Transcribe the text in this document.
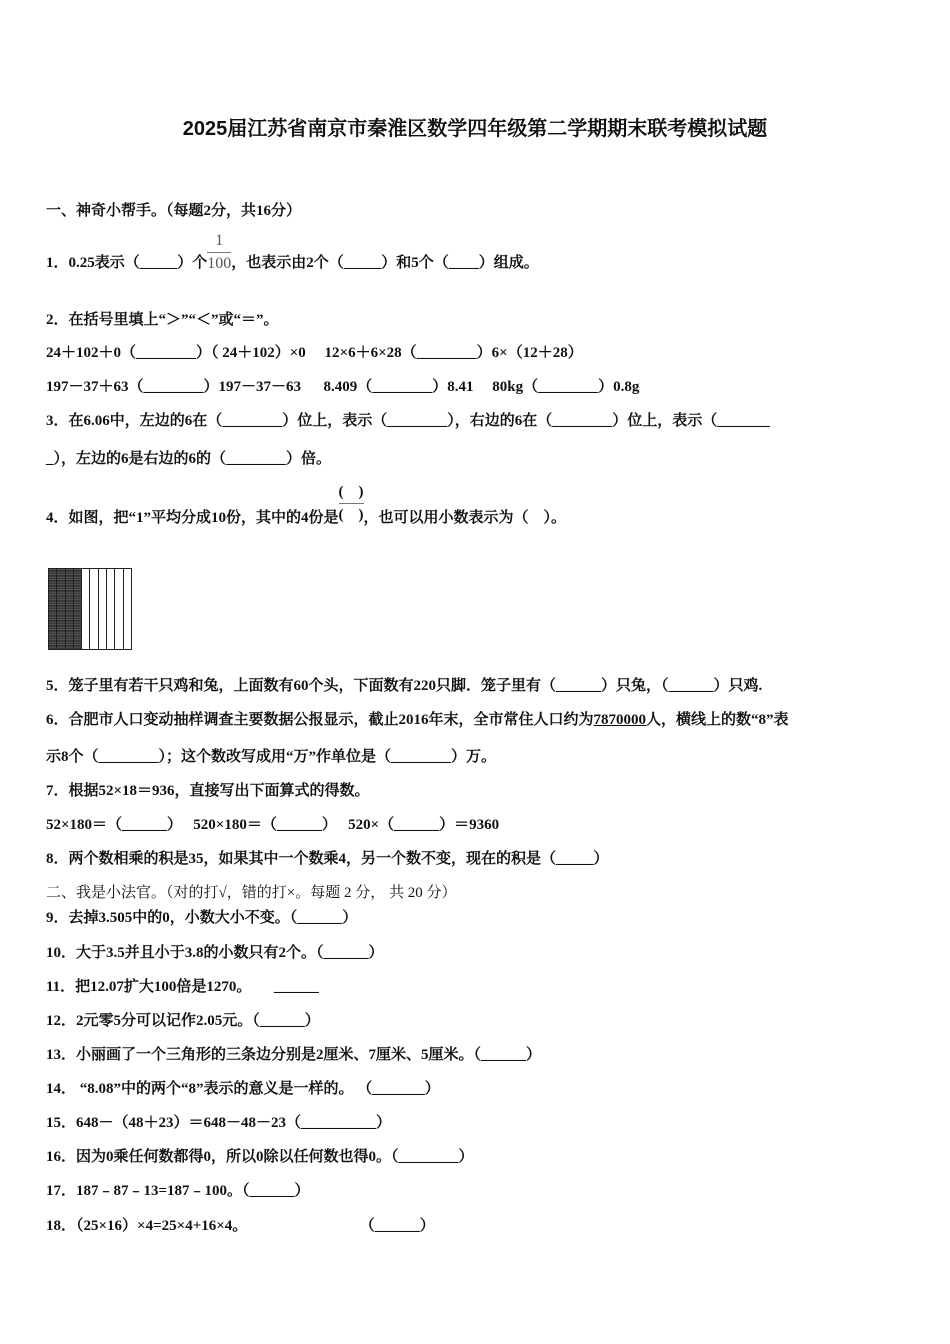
2025届江苏省南京市秦淮区数学四年级第二学期期末联考模拟试题
一、神奇小帮手。（每题2分，共16分）
1．0.25表示（_____）个 $\frac{1}{100}$ ，也表示由2个（_____）和5个（____）组成。
2．在括号里填上“＞”“＜”或“＝”。
24＋102＋0（________）（ 24＋102）×0     12×6＋6×28（________）6×（12＋28）
197－37＋63（________）197－37－63      8.409（________）8.41     80kg（________）0.8g
3．在6.06中，左边的6在（________）位上，表示（________），右边的6在（________）位上，表示（_______
_），左边的6是右边的6的（________）倍。
4．如图，把“1”平均分成10份，其中的4份是 $\frac{( )}{( )}$ ，也可以用小数表示为（　）。
5．笼子里有若干只鸡和兔，上面数有60个头，下面数有220只脚．笼子里有（______）只兔，（______）只鸡.
6．合肥市人口变动抽样调查主要数据公报显示，截止2016年末，全市常住人口约为7870000人，横线上的数“8”表
示8个（________）；这个数改写成用“万”作单位是（________）万。
7．根据52×18＝936，直接写出下面算式的得数。
52×180＝（______）   520×180＝（______）   520×（______）＝9360
8．两个数相乘的积是35，如果其中一个数乘4，另一个数不变，现在的积是（_____）
二、我是小法官。（对的打√，错的打×。每题 2 分， 共 20 分）
9．去掉3.505中的0，小数大小不变。（______）
10．大于3.5并且小于3.8的小数只有2个。（______）
11．把12.07扩大100倍是1270。      ______
12．2元零5分可以记作2.05元。（______）
13．小丽画了一个三角形的三条边分别是2厘米、7厘米、5厘米。（______）
14． “8.08”中的两个“8”表示的意义是一样的。 （_______）
15．648－（48＋23）＝648－48－23（__________）
16．因为0乘任何数都得0，所以0除以任何数也得0。（________）
17．187﹣87﹣13=187﹣100。（______）
18．（25×16）×4=25×4+16×4。                              （______）
